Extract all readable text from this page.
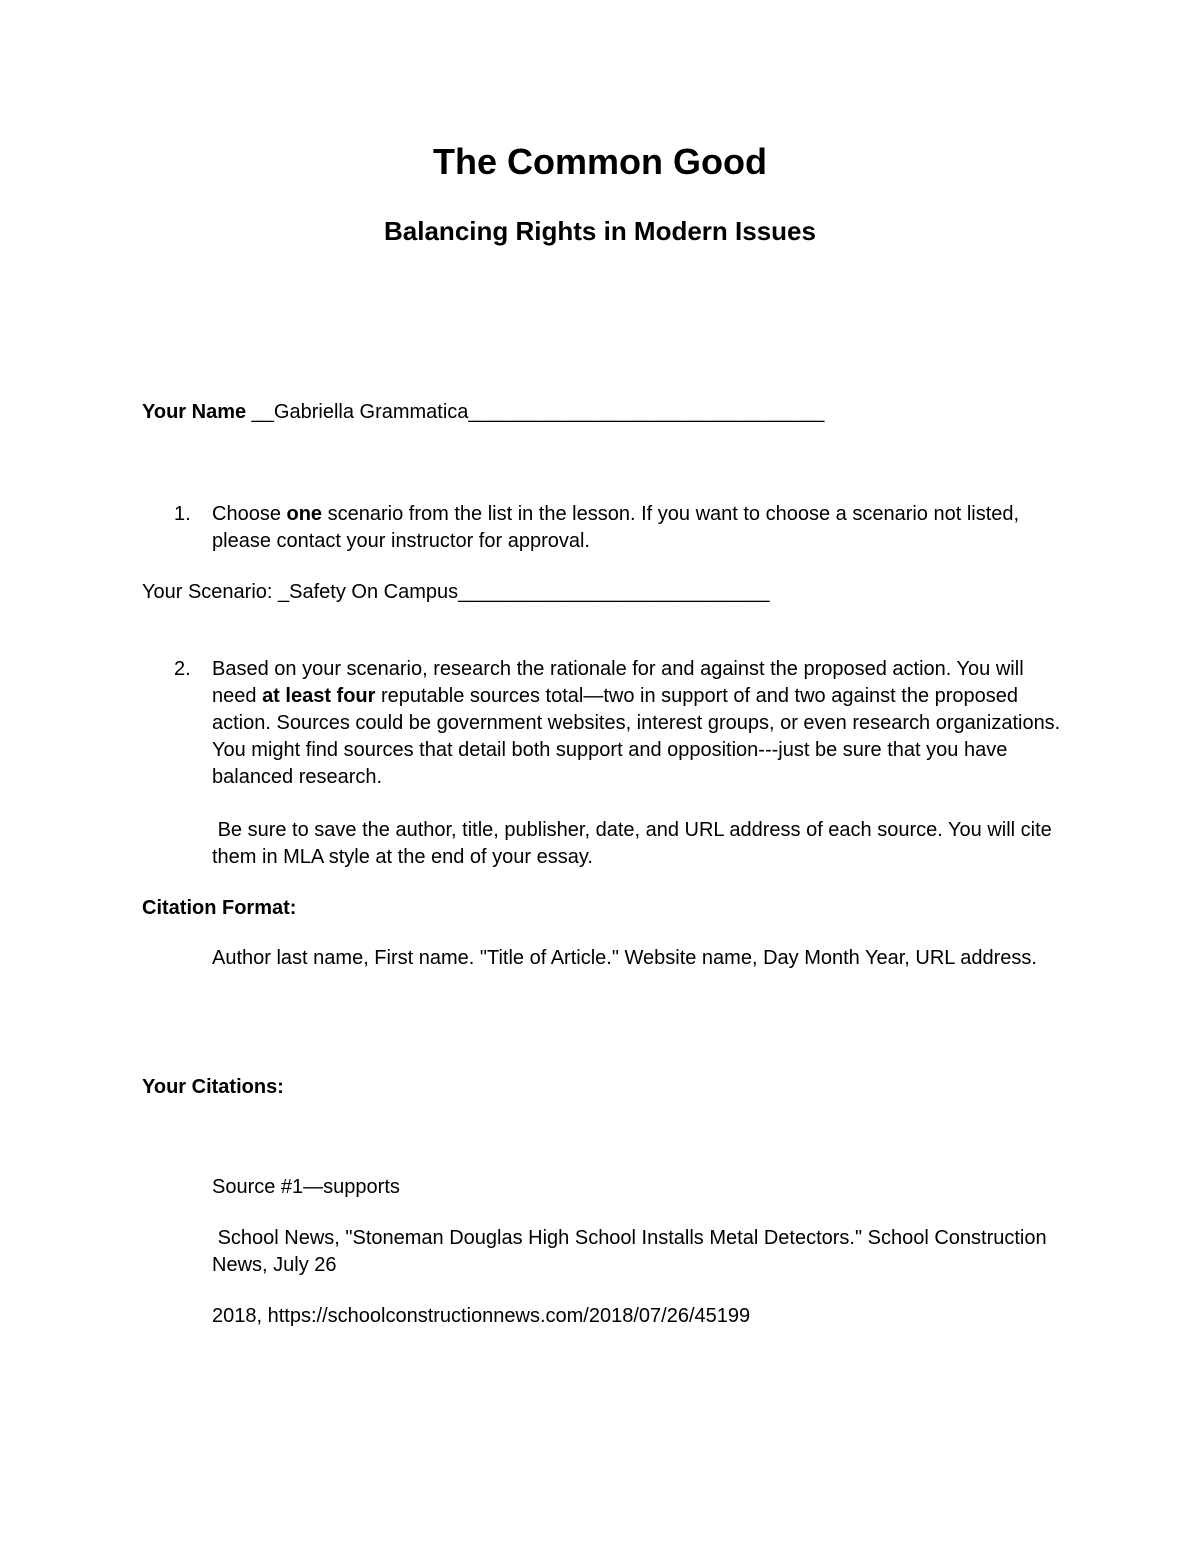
The Common Good
Balancing Rights in Modern Issues
Your Name __Gabriella Grammatica________________________________
1. Choose one scenario from the list in the lesson. If you want to choose a scenario not listed, please contact your instructor for approval.

Your Scenario: _Safety On Campus____________________________
2. Based on your scenario, research the rationale for and against the proposed action. You will need at least four reputable sources total—two in support of and two against the proposed action. Sources could be government websites, interest groups, or even research organizations. You might find sources that detail both support and opposition---just be sure that you have balanced research.

Be sure to save the author, title, publisher, date, and URL address of each source. You will cite them in MLA style at the end of your essay.

Citation Format:
Author last name, First name. "Title of Article." Website name, Day Month Year, URL address.
Your Citations:
Source #1—supports
School News, "Stoneman Douglas High School Installs Metal Detectors." School Construction News, July 26
2018, https://schoolconstructionnews.com/2018/07/26/45199
